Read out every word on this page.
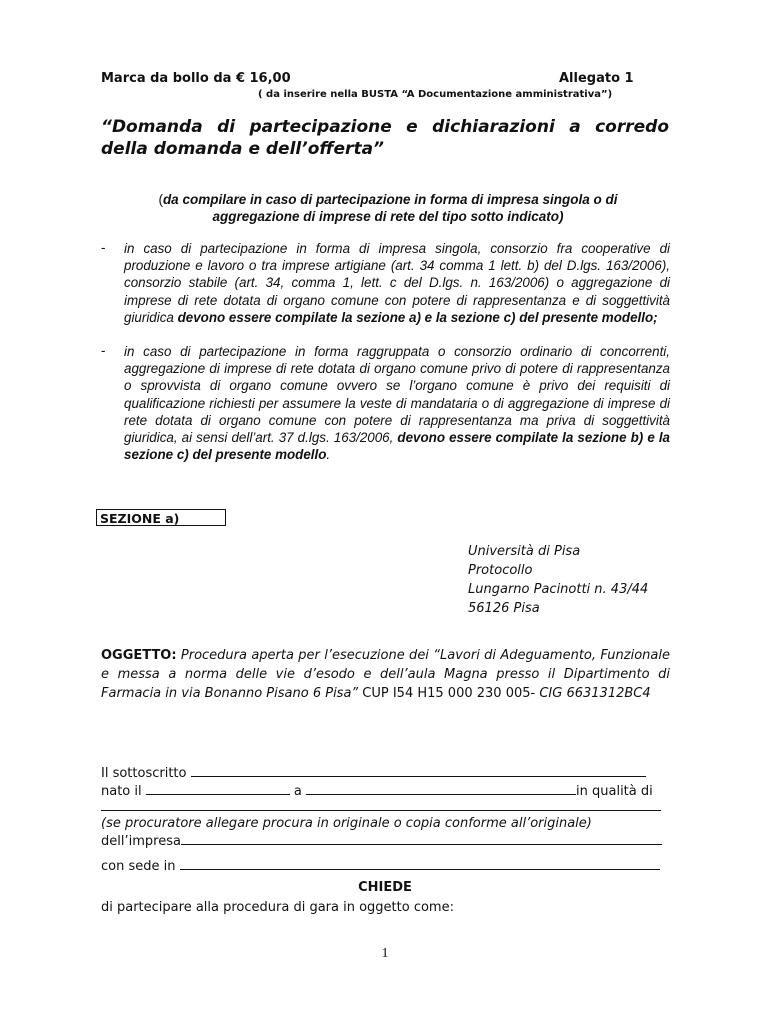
Marca da bollo da € 16,00	Allegato 1
( da inserire nella BUSTA “A Documentazione amministrativa”)
“Domanda di partecipazione e dichiarazioni a corredo della domanda e dell’offerta”
(da compilare in caso di partecipazione in forma di impresa singola o di aggregazione di imprese di rete del tipo sotto indicato)
- in caso di partecipazione in forma di impresa singola, consorzio fra cooperative di produzione e lavoro o tra imprese artigiane (art. 34 comma 1 lett. b) del D.lgs. 163/2006), consorzio stabile (art. 34, comma 1, lett. c del D.lgs. n. 163/2006) o aggregazione di imprese di rete dotata di organo comune con potere di rappresentanza e di soggettività giuridica devono essere compilate la sezione a) e la sezione c) del presente modello;
- in caso di partecipazione in forma raggruppata o consorzio ordinario di concorrenti, aggregazione di imprese di rete dotata di organo comune privo di potere di rappresentanza o sprovvista di organo comune ovvero se l’organo comune è privo dei requisiti di qualificazione richiesti per assumere la veste di mandataria o di aggregazione di imprese di rete dotata di organo comune con potere di rappresentanza ma priva di soggettività giuridica, ai sensi dell’art. 37 d.lgs. 163/2006, devono essere compilate la sezione b) e la sezione c) del presente modello.
SEZIONE a)
Università di Pisa
Protocollo
Lungarno Pacinotti n. 43/44
56126 Pisa
OGGETTO: Procedura aperta per l’esecuzione dei “Lavori di Adeguamento, Funzionale e messa a norma delle vie d’esodo e dell’aula Magna presso il Dipartimento di Farmacia in via Bonanno Pisano 6 Pisa” CUP I54 H15 000 230 005- CIG 6631312BC4
Il sottoscritto
nato il	a	in qualità di
(se procuratore allegare procura in originale o copia conforme all’originale)
dell’impresa
con sede in
CHIEDE
di partecipare alla procedura di gara in oggetto come:
1
